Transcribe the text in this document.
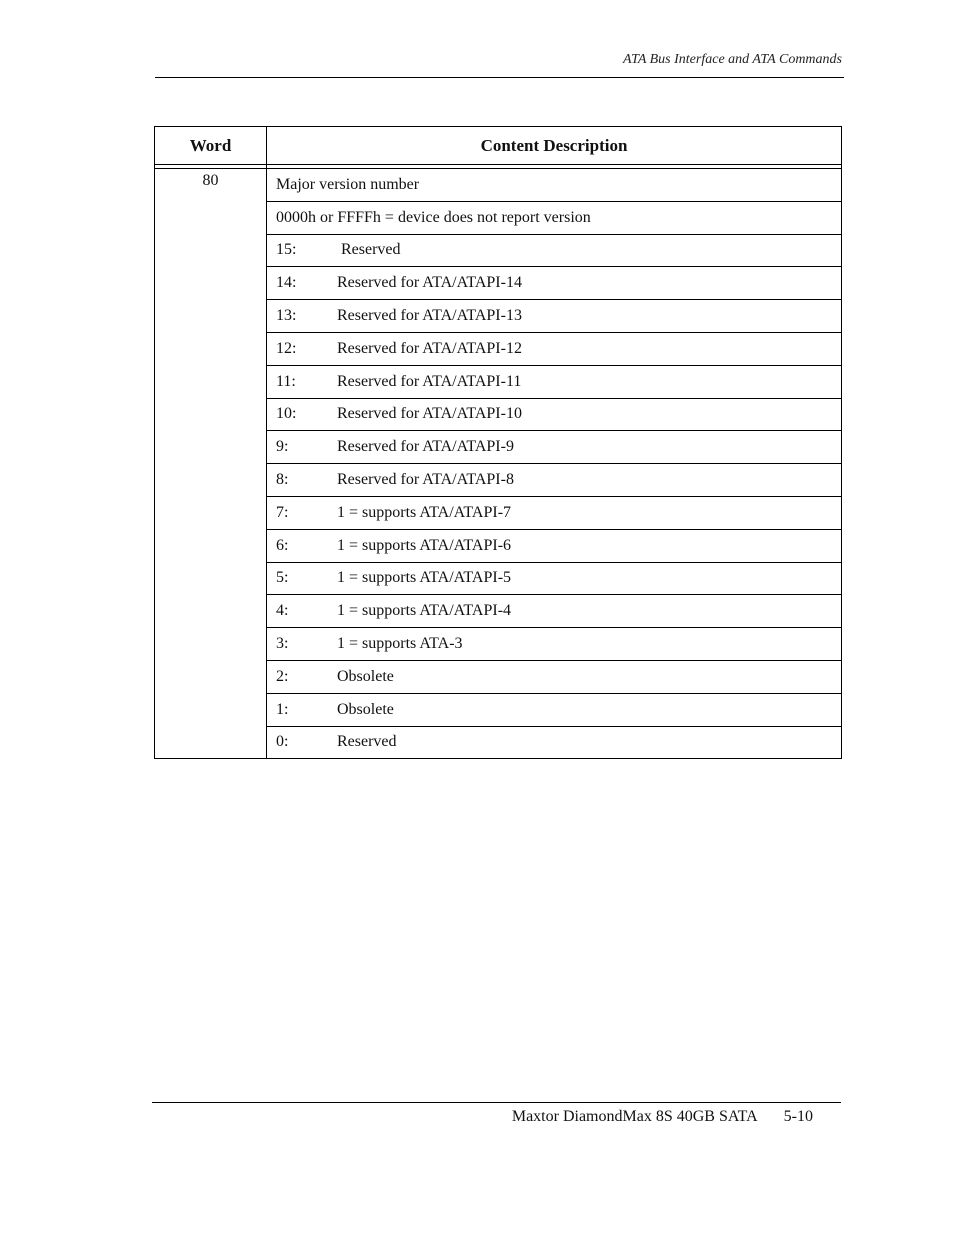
ATA Bus Interface and ATA Commands
Word	Content Description

80	Major version number
	0000h or FFFFh = device does not report version
	15: Reserved
	14: Reserved for ATA/ATAPI-14
	13: Reserved for ATA/ATAPI-13
	12: Reserved for ATA/ATAPI-12
	11: Reserved for ATA/ATAPI-11
	10: Reserved for ATA/ATAPI-10
	9: Reserved for ATA/ATAPI-9
	8: Reserved for ATA/ATAPI-8
	7: 1 = supports ATA/ATAPI-7
	6: 1 = supports ATA/ATAPI-6
	5: 1 = supports ATA/ATAPI-5
	4: 1 = supports ATA/ATAPI-4
	3: 1 = supports ATA-3
	2: Obsolete
	1: Obsolete
	0: Reserved
Maxtor DiamondMax 8S 40GB SATA 5-10
